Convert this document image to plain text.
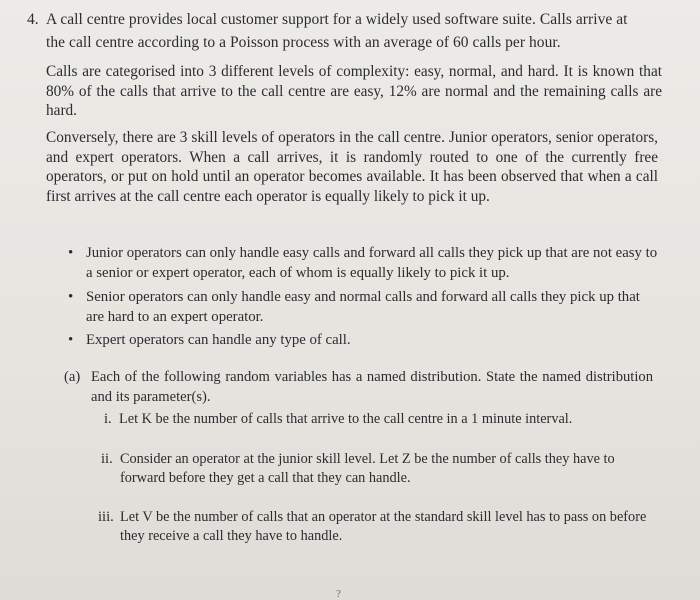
4. A call centre provides local customer support for a widely used software suite. Calls arrive at
the call centre according to a Poisson process with an average of 60 calls per hour.
Calls are categorised into 3 different levels of complexity: easy, normal, and hard. It is known that 80% of the calls that arrive to the call centre are easy, 12% are normal and the remaining calls are hard.
Conversely, there are 3 skill levels of operators in the call centre. Junior operators, senior operators, and expert operators. When a call arrives, it is randomly routed to one of the currently free operators, or put on hold until an operator becomes available. It has been observed that when a call first arrives at the call centre each operator is equally likely to pick it up.
• Junior operators can only handle easy calls and forward all calls they pick up that are not easy to a senior or expert operator, each of whom is equally likely to pick it up.
• Senior operators can only handle easy and normal calls and forward all calls they pick up that are hard to an expert operator.
• Expert operators can handle any type of call.
(a) Each of the following random variables has a named distribution. State the named distribution and its parameter(s).
i. Let K be the number of calls that arrive to the call centre in a 1 minute interval.
ii. Consider an operator at the junior skill level. Let Z be the number of calls they have to forward before they get a call that they can handle.
iii. Let V be the number of calls that an operator at the standard skill level has to pass on before they receive a call they have to handle.
?
